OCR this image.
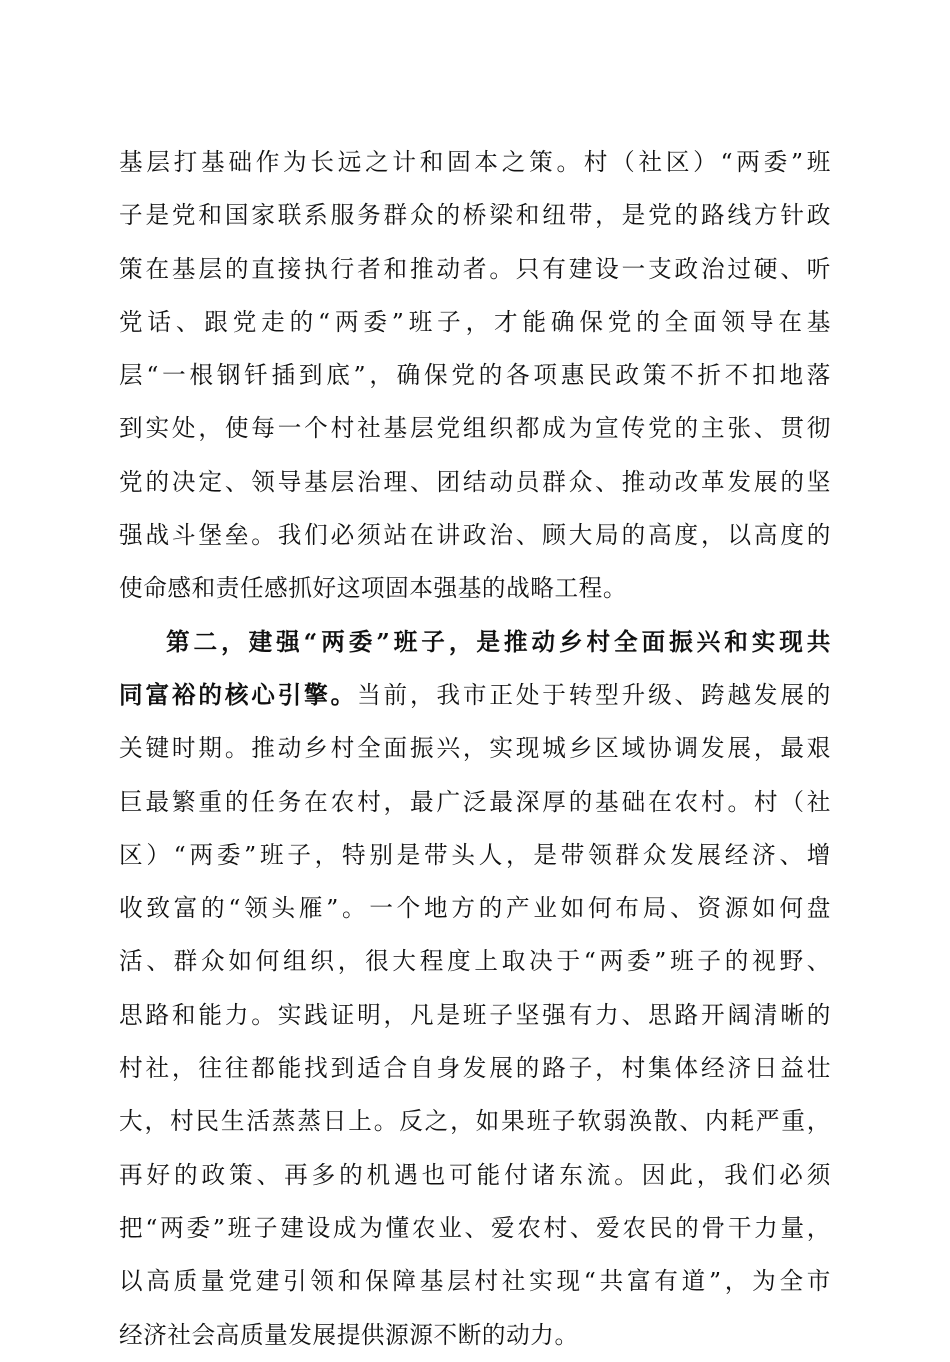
基层打基础作为长远之计和固本之策。村（社区）“两委”班
子是党和国家联系服务群众的桥梁和纽带，是党的路线方针政
策在基层的直接执行者和推动者。只有建设一支政治过硬、听
党话、跟党走的“两委”班子，才能确保党的全面领导在基
层“一根钢钎插到底”，确保党的各项惠民政策不折不扣地落
到实处，使每一个村社基层党组织都成为宣传党的主张、贯彻
党的决定、领导基层治理、团结动员群众、推动改革发展的坚
强战斗堡垒。我们必须站在讲政治、顾大局的高度，以高度的
使命感和责任感抓好这项固本强基的战略工程。
第二，建强“两委”班子，是推动乡村全面振兴和实现共
同富裕的核心引擎。当前，我市正处于转型升级、跨越发展的
关键时期。推动乡村全面振兴，实现城乡区域协调发展，最艰
巨最繁重的任务在农村，最广泛最深厚的基础在农村。村（社
区）“两委”班子，特别是带头人，是带领群众发展经济、增
收致富的“领头雁”。一个地方的产业如何布局、资源如何盘
活、群众如何组织，很大程度上取决于“两委”班子的视野、
思路和能力。实践证明，凡是班子坚强有力、思路开阔清晰的
村社，往往都能找到适合自身发展的路子，村集体经济日益壮
大，村民生活蒸蒸日上。反之，如果班子软弱涣散、内耗严重，
再好的政策、再多的机遇也可能付诸东流。因此，我们必须
把“两委”班子建设成为懂农业、爱农村、爱农民的骨干力量，
以高质量党建引领和保障基层村社实现“共富有道”，为全市
经济社会高质量发展提供源源不断的动力。
